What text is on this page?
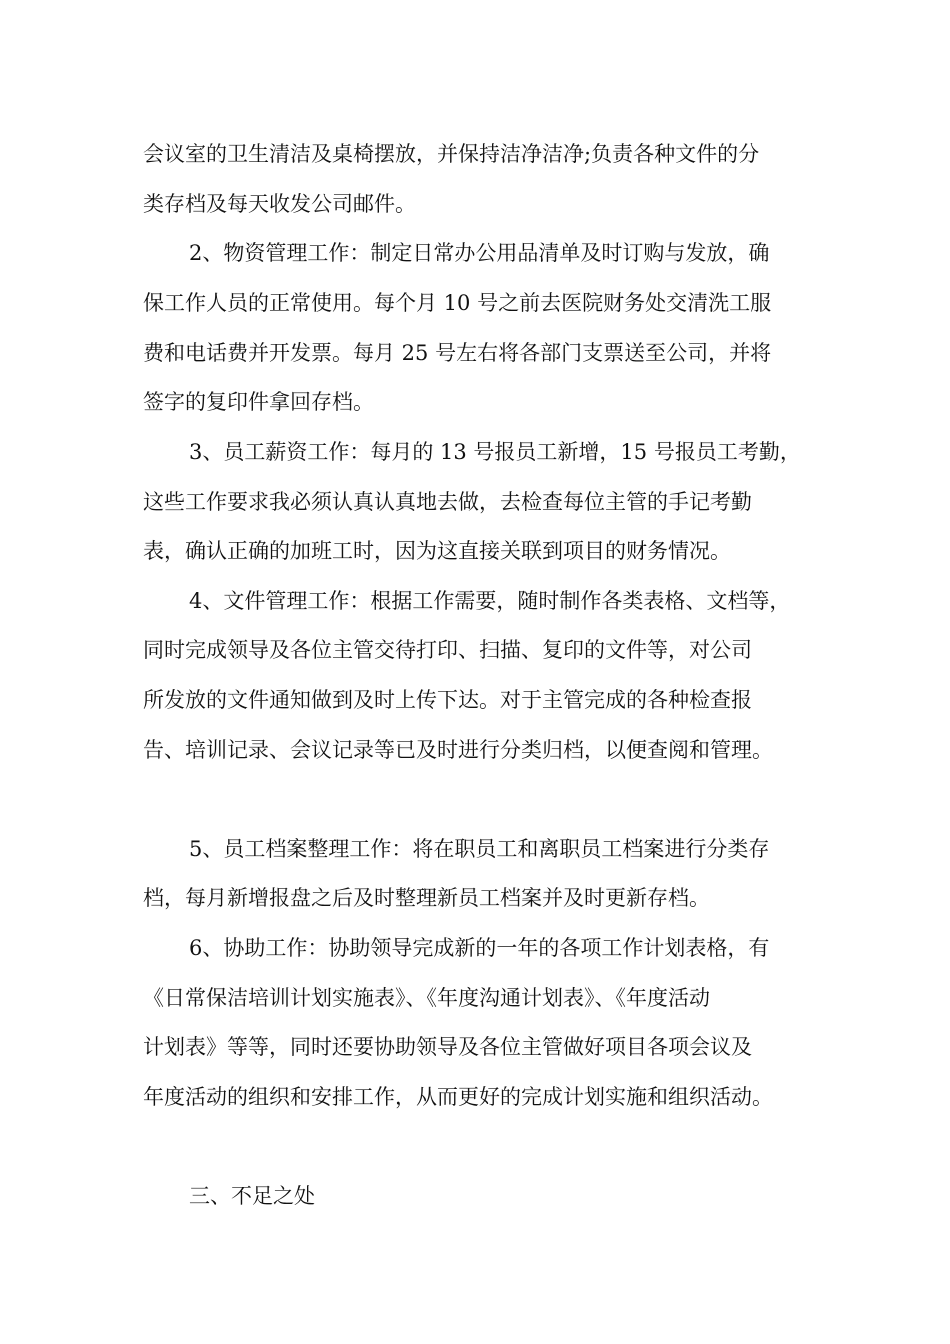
会议室的卫生清洁及桌椅摆放，并保持洁净洁净;负责各种文件的分

类存档及每天收发公司邮件。

2、物资管理工作：制定日常办公用品清单及时订购与发放，确

保工作人员的正常使用。每个月 10 号之前去医院财务处交清洗工服

费和电话费并开发票。每月 25 号左右将各部门支票送至公司，并将

签字的复印件拿回存档。

3、员工薪资工作：每月的 13 号报员工新增，15 号报员工考勤，

这些工作要求我必须认真认真地去做，去检查每位主管的手记考勤

表，确认正确的加班工时，因为这直接关联到项目的财务情况。

4、文件管理工作：根据工作需要，随时制作各类表格、文档等，

同时完成领导及各位主管交待打印、扫描、复印的文件等，对公司

所发放的文件通知做到及时上传下达。对于主管完成的各种检查报

告、培训记录、会议记录等已及时进行分类归档，以便查阅和管理。

5、员工档案整理工作：将在职员工和离职员工档案进行分类存

档，每月新增报盘之后及时整理新员工档案并及时更新存档。

6、协助工作：协助领导完成新的一年的各项工作计划表格，有

《日常保洁培训计划实施表》、《年度沟通计划表》、《年度活动

计划表》等等，同时还要协助领导及各位主管做好项目各项会议及

年度活动的组织和安排工作，从而更好的完成计划实施和组织活动。

三、不足之处
